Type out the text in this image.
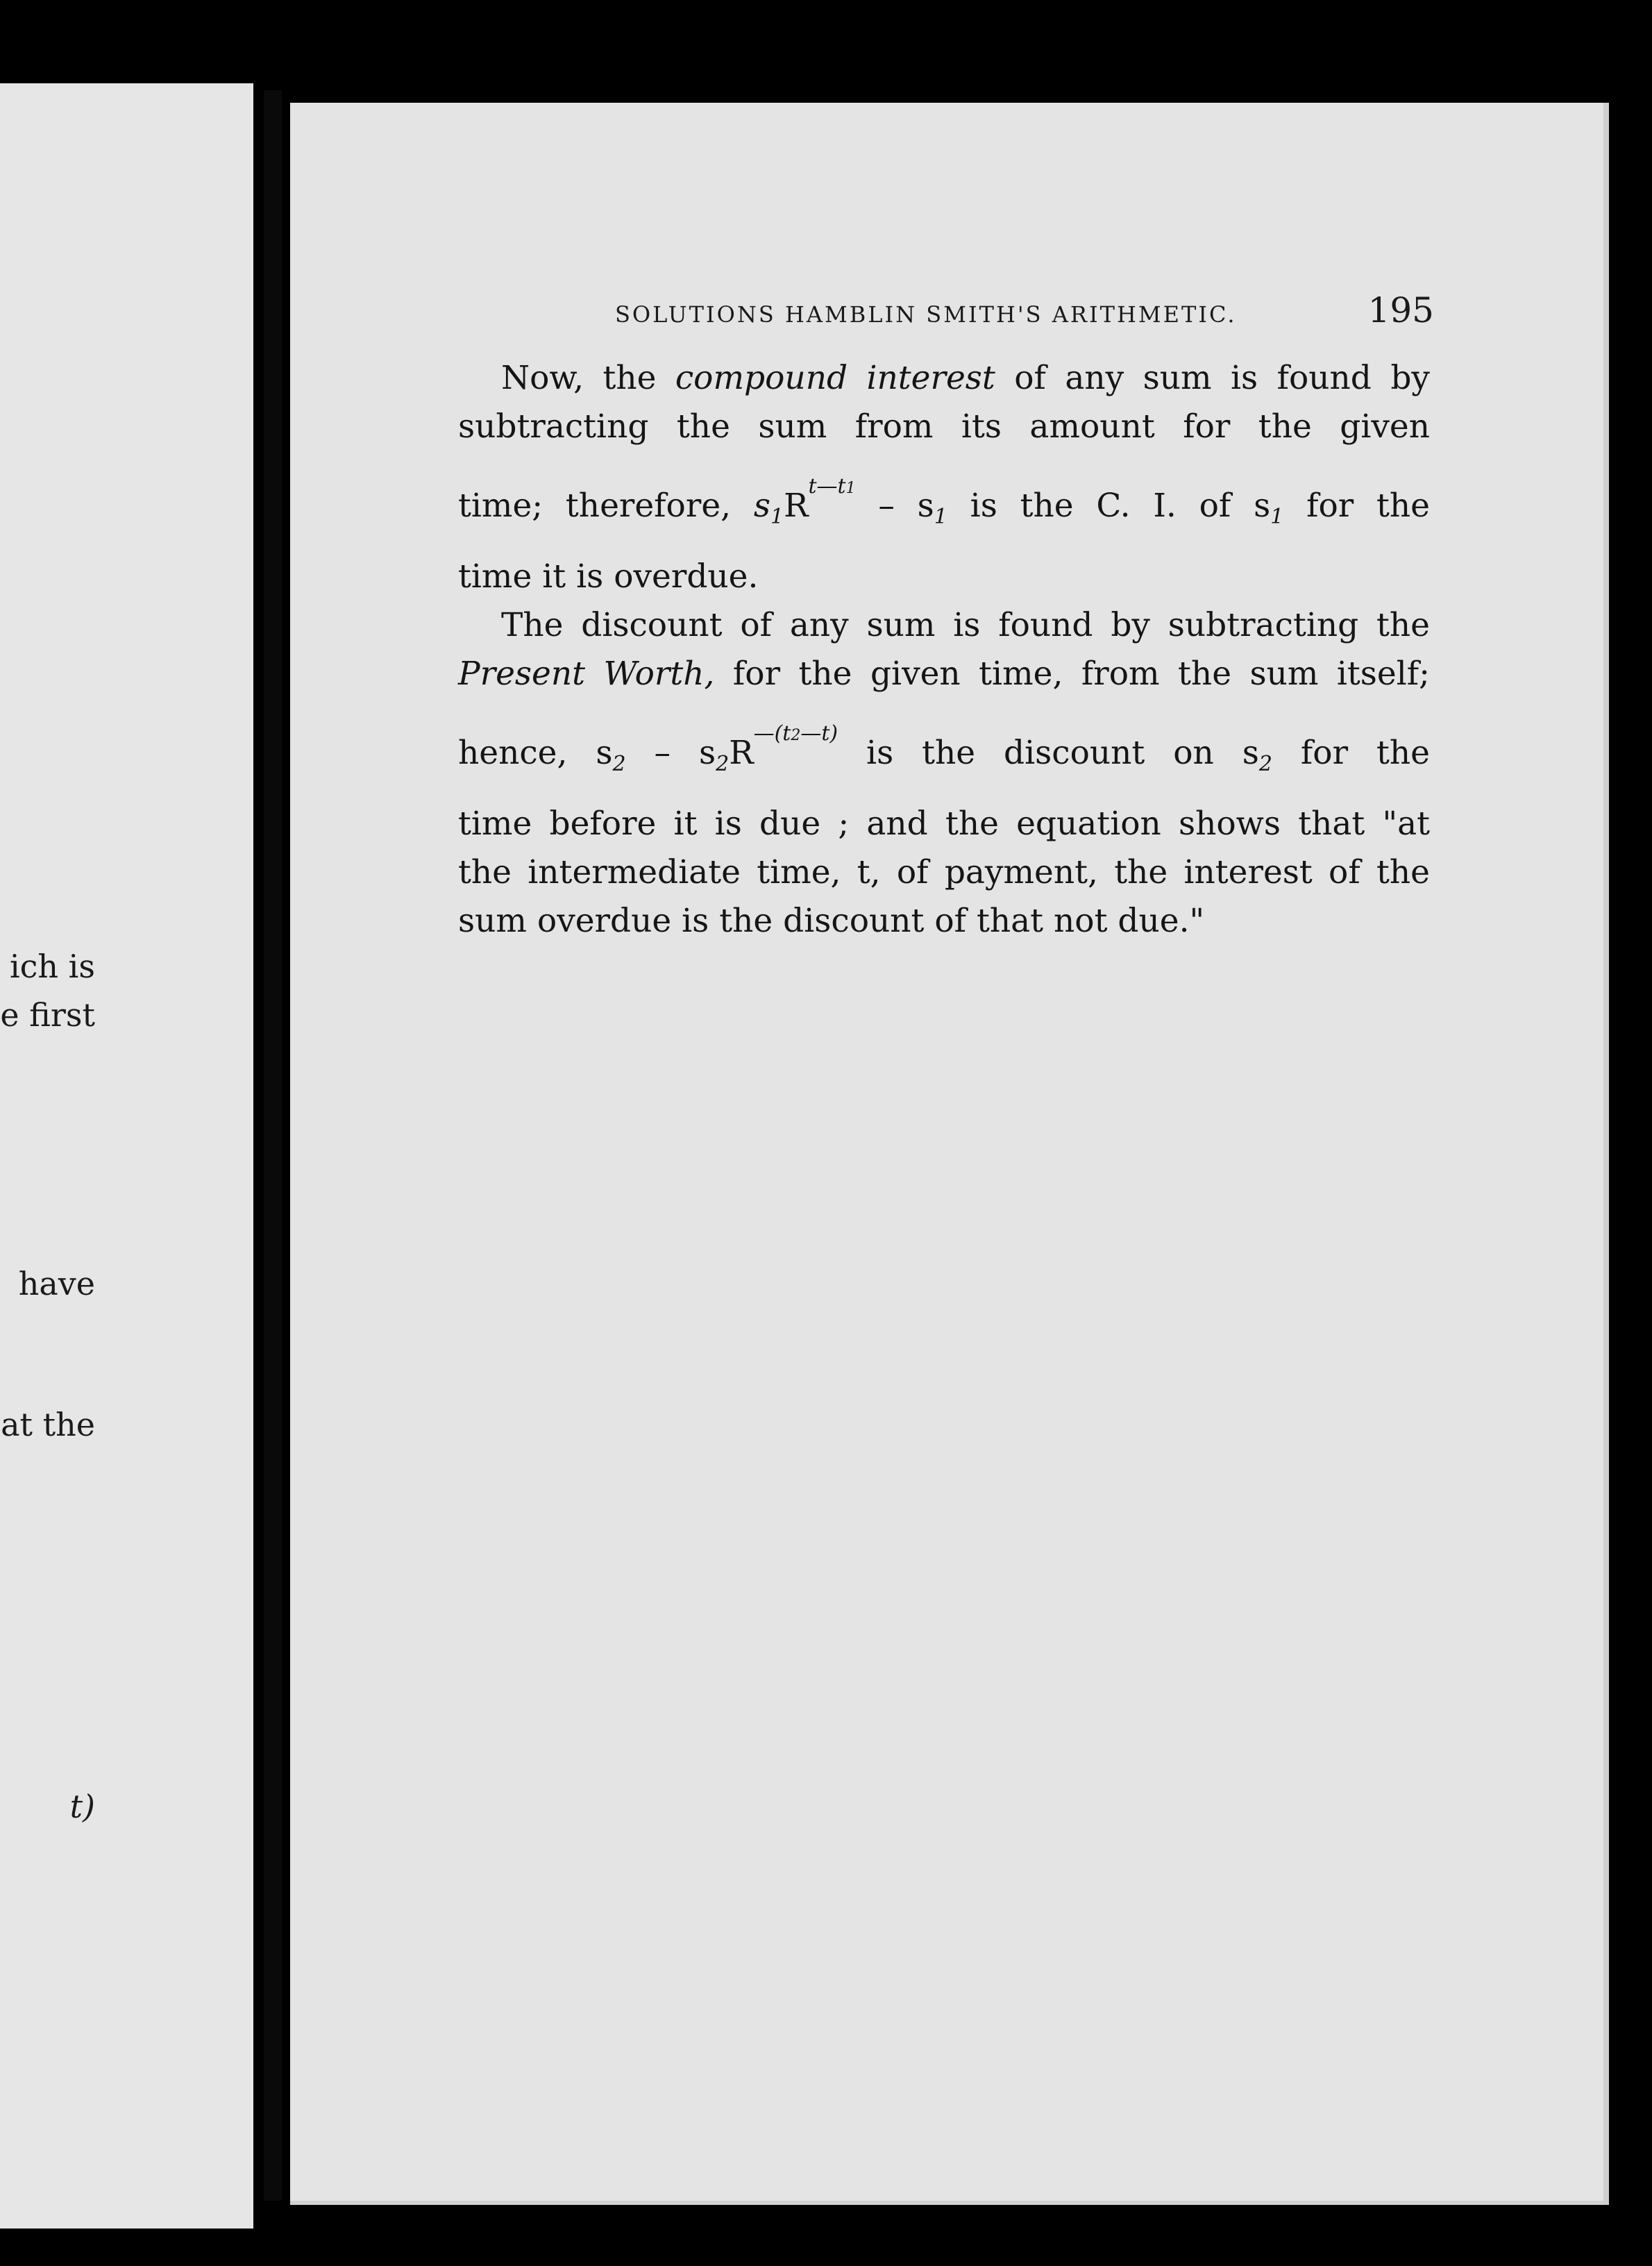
ich is
e first
have
at the
t)
SOLUTIONS HAMBLIN SMITH'S ARITHMETIC.	195
Now, the compound interest of any sum is found by
subtracting the sum from its amount for the given
time; therefore, $s_1R^{t—t1} - s_1$ is the C. I. of $s_1$ for the
time it is overdue.
The discount of any sum is found by subtracting the
Present Worth, for the given time, from the sum itself;
hence, $s_2 - s_2R^{—(t2—t)}$ is the discount on $s_2$ for the
time before it is due ; and the equation shows that "at
the intermediate time, t, of payment, the interest of the
sum overdue is the discount of that not due."
